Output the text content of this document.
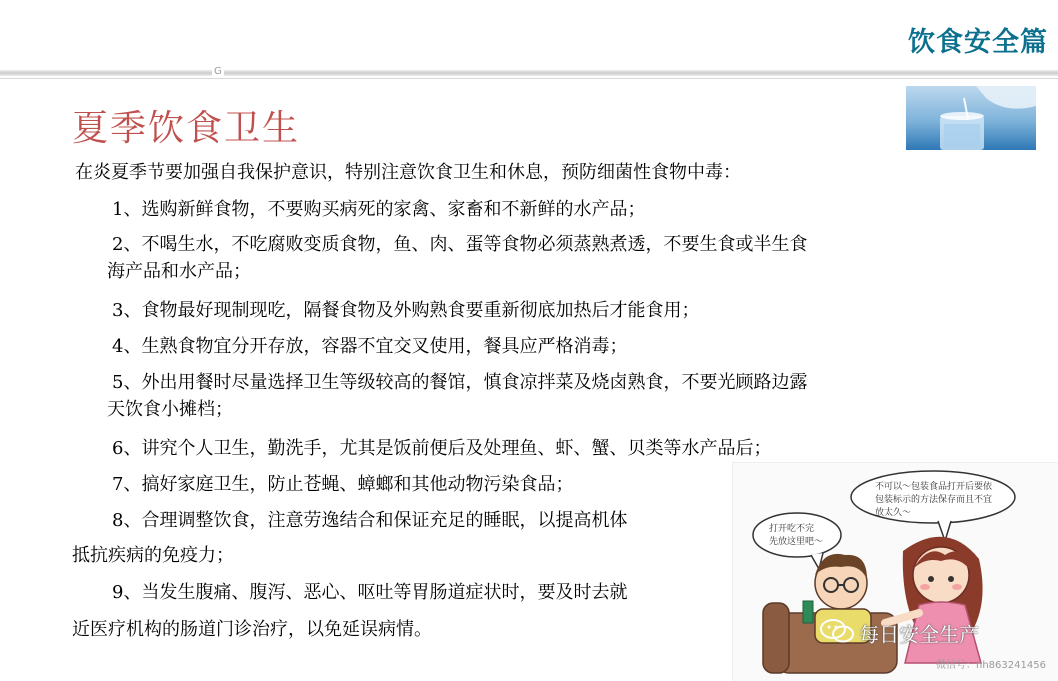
饮食安全篇
G
夏季饮食卫生
在炎夏季节要加强自我保护意识，特别注意饮食卫生和休息，预防细菌性食物中毒：
1、选购新鲜食物，不要购买病死的家禽、家畜和不新鲜的水产品；
2、不喝生水，不吃腐败变质食物，鱼、肉、蛋等食物必须蒸熟煮透，不要生食或半生食
海产品和水产品；
3、食物最好现制现吃，隔餐食物及外购熟食要重新彻底加热后才能食用；
4、生熟食物宜分开存放，容器不宜交叉使用，餐具应严格消毒；
5、外出用餐时尽量选择卫生等级较高的餐馆，慎食凉拌菜及烧卤熟食，不要光顾路边露
天饮食小摊档；
6、讲究个人卫生，勤洗手，尤其是饭前便后及处理鱼、虾、蟹、贝类等水产品后；
7、搞好家庭卫生，防止苍蝇、蟑螂和其他动物污染食品；
8、合理调整饮食，注意劳逸结合和保证充足的睡眠，以提高机体
抵抗疾病的免疫力；
9、当发生腹痛、腹泻、恶心、呕吐等胃肠道症状时，要及时去就
近医疗机构的肠道门诊治疗，以免延误病情。
不可以～包装食品打开后要依
包装标示的方法保存而且不宜
放太久～
打开吃不完
先放这里吧～
每日安全生产
微信号：hh863241456
